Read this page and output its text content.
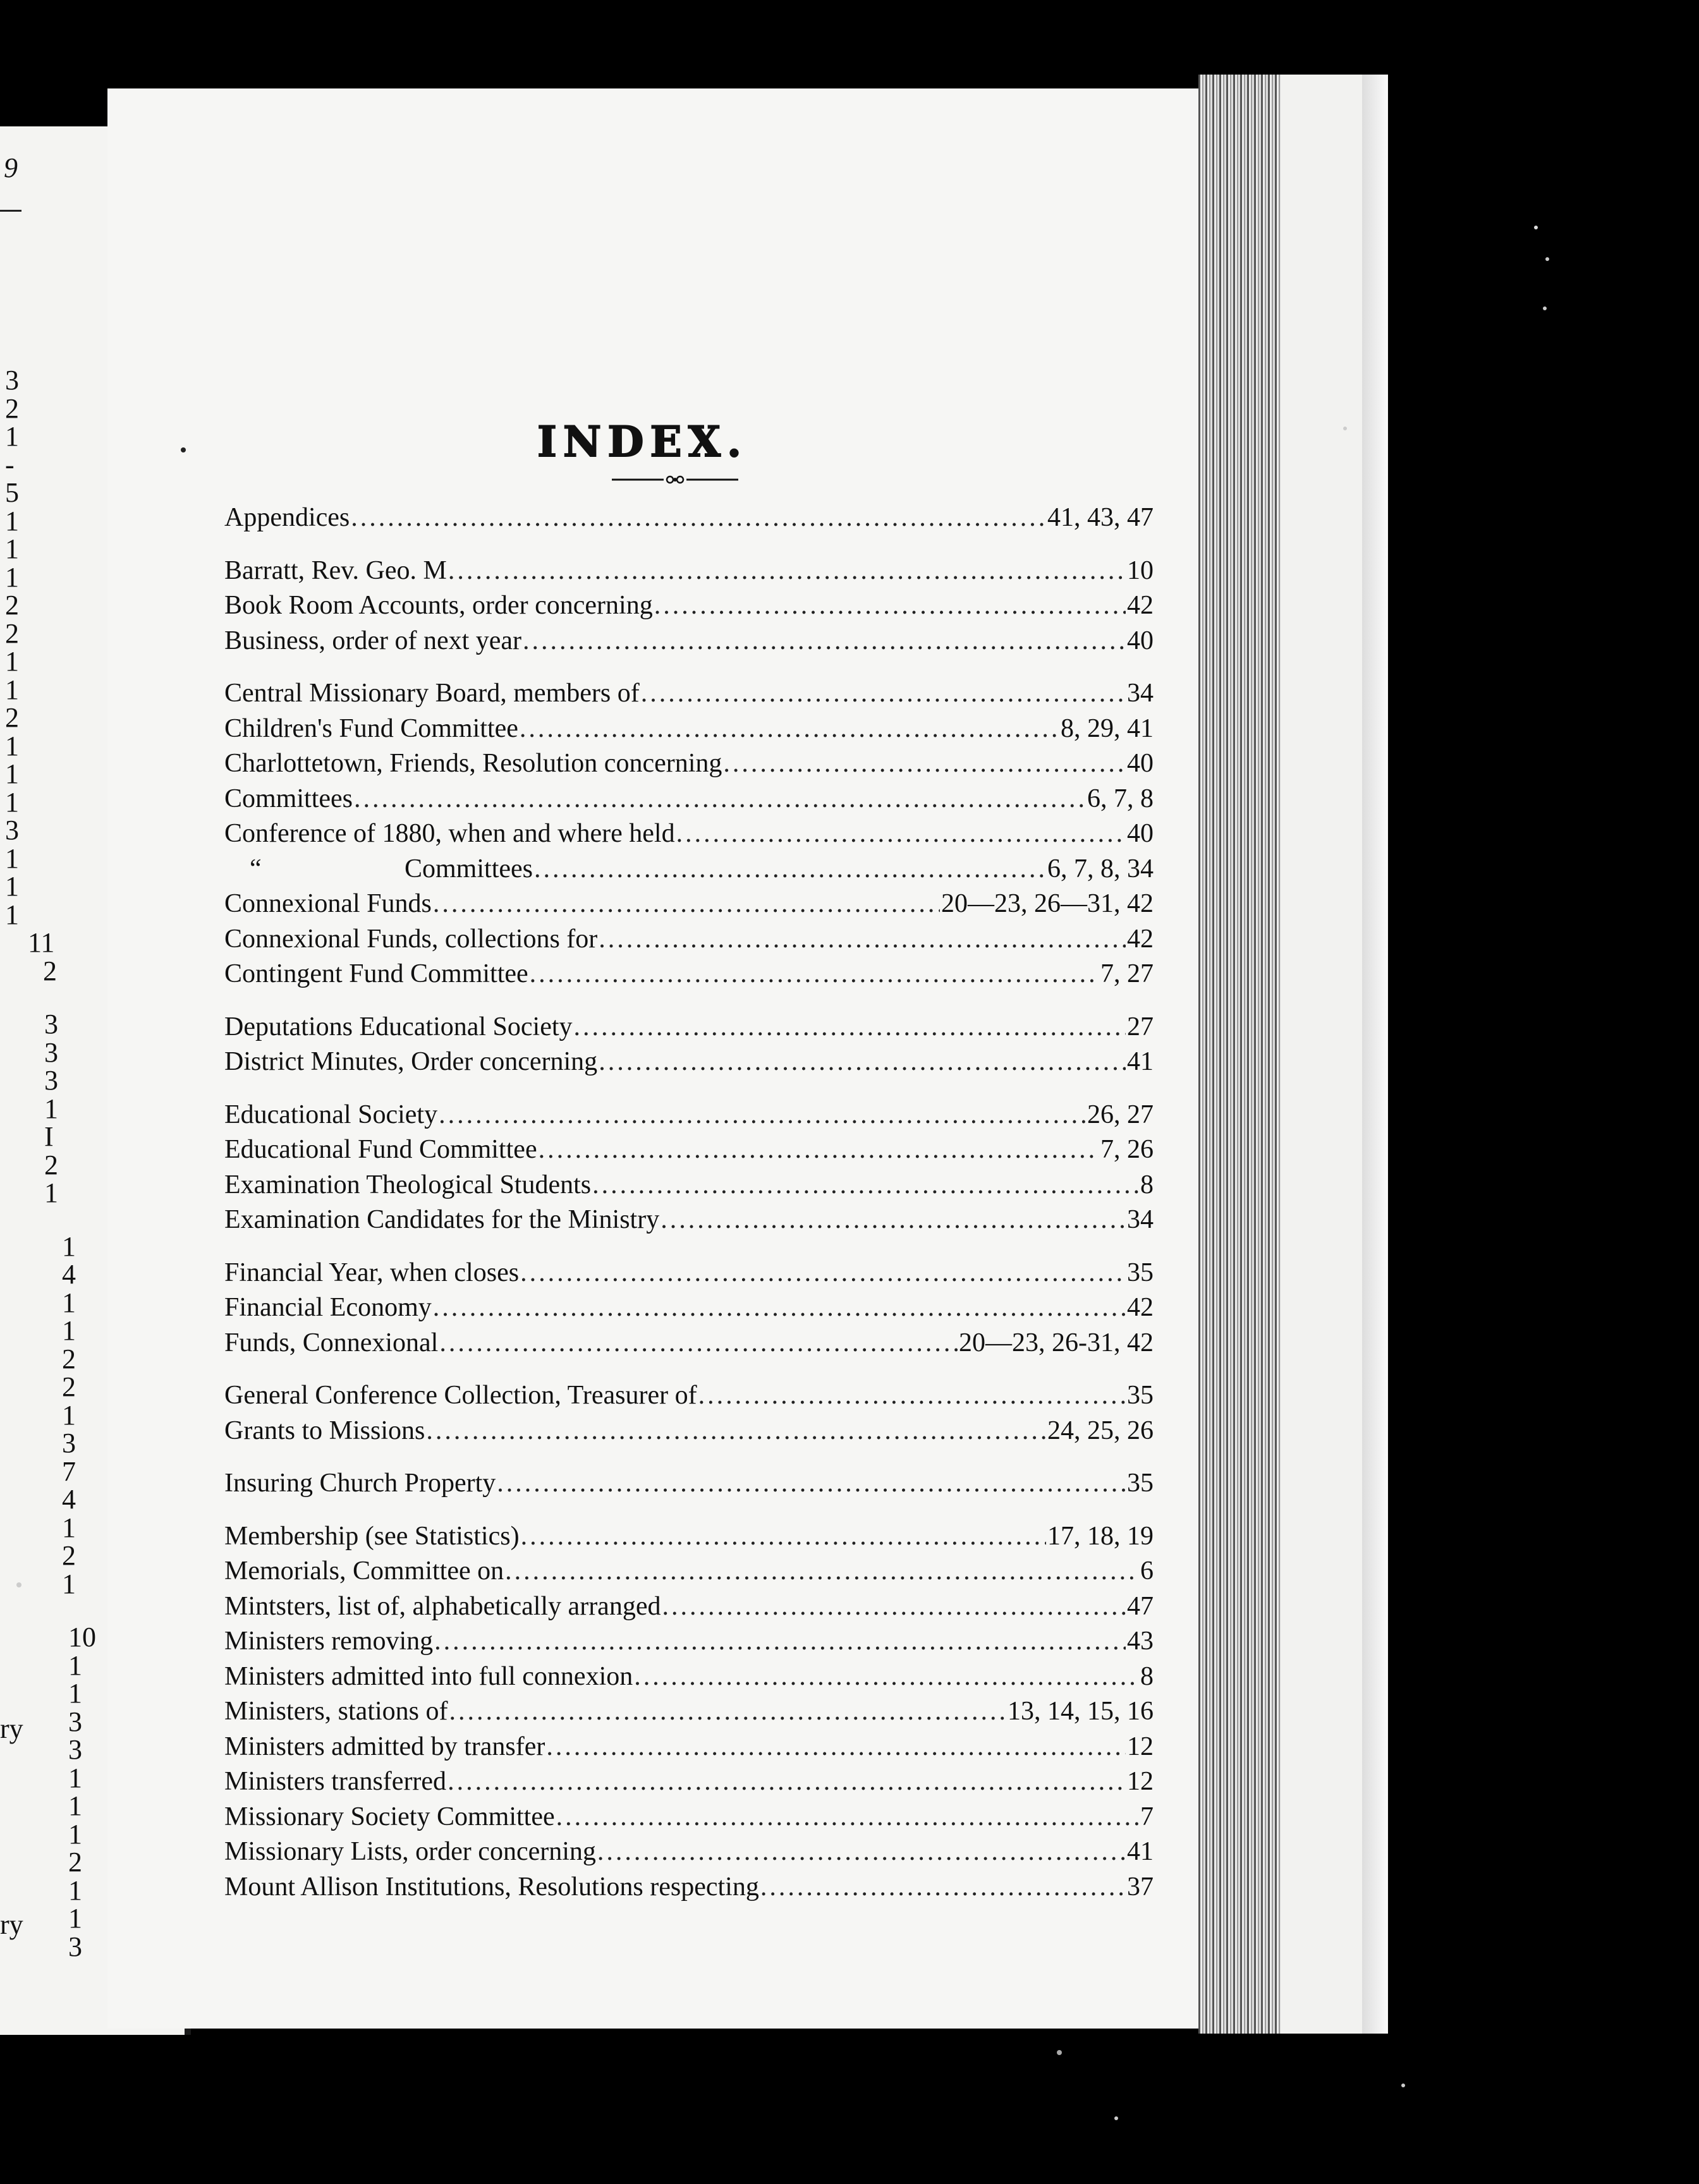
9
3
2
1
-
5
1
1
1
2
2
1
1
2
1
1
1
3
1
1
1
11
2
3
3
3
1
I
2
1
1
4
1
1
2
2
1
3
7
4
1
2
1
10
1
1
3
3
1
1
1
2
1
1
3
ry
ry
INDEX.
Appendices .....	41, 43, 47
Barratt, Rev. Geo. M .....	10
Book Room Accounts, order concerning .....	42
Business, order of next year .....	40
Central Missionary Board, members of .....	34
Children's Fund Committee .....	8, 29, 41
Charlottetown, Friends, Resolution concerning .....	40
Committees .....	6, 7, 8
Conference of 1880, when and where held .....	40
“	Committees .....	6, 7, 8, 34
Connexional Funds .....	20—23, 26—31, 42
Connexional Funds, collections for .....	42
Contingent Fund Committee .....	7, 27
Deputations Educational Society .....	27
District Minutes, Order concerning .....	41
Educational Society .....	26, 27
Educational Fund Committee .....	7, 26
Examination Theological Students .....	8
Examination Candidates for the Ministry .....	34
Financial Year, when closes .....	35
Financial Economy .....	42
Funds, Connexional .....	20—23, 26-31, 42
General Conference Collection, Treasurer of .....	35
Grants to Missions .....	24, 25, 26
Insuring Church Property .....	35
Membership (see Statistics) .....	17, 18, 19
Memorials, Committee on .....	6
Mintsters, list of, alphabetically arranged .....	47
Ministers removing .....	43
Ministers admitted into full connexion .....	8
Ministers, stations of .....	13, 14, 15, 16
Ministers admitted by transfer .....	12
Ministers transferred .....	12
Missionary Society Committee .....	7
Missionary Lists, order concerning .....	41
Mount Allison Institutions, Resolutions respecting .....	37
